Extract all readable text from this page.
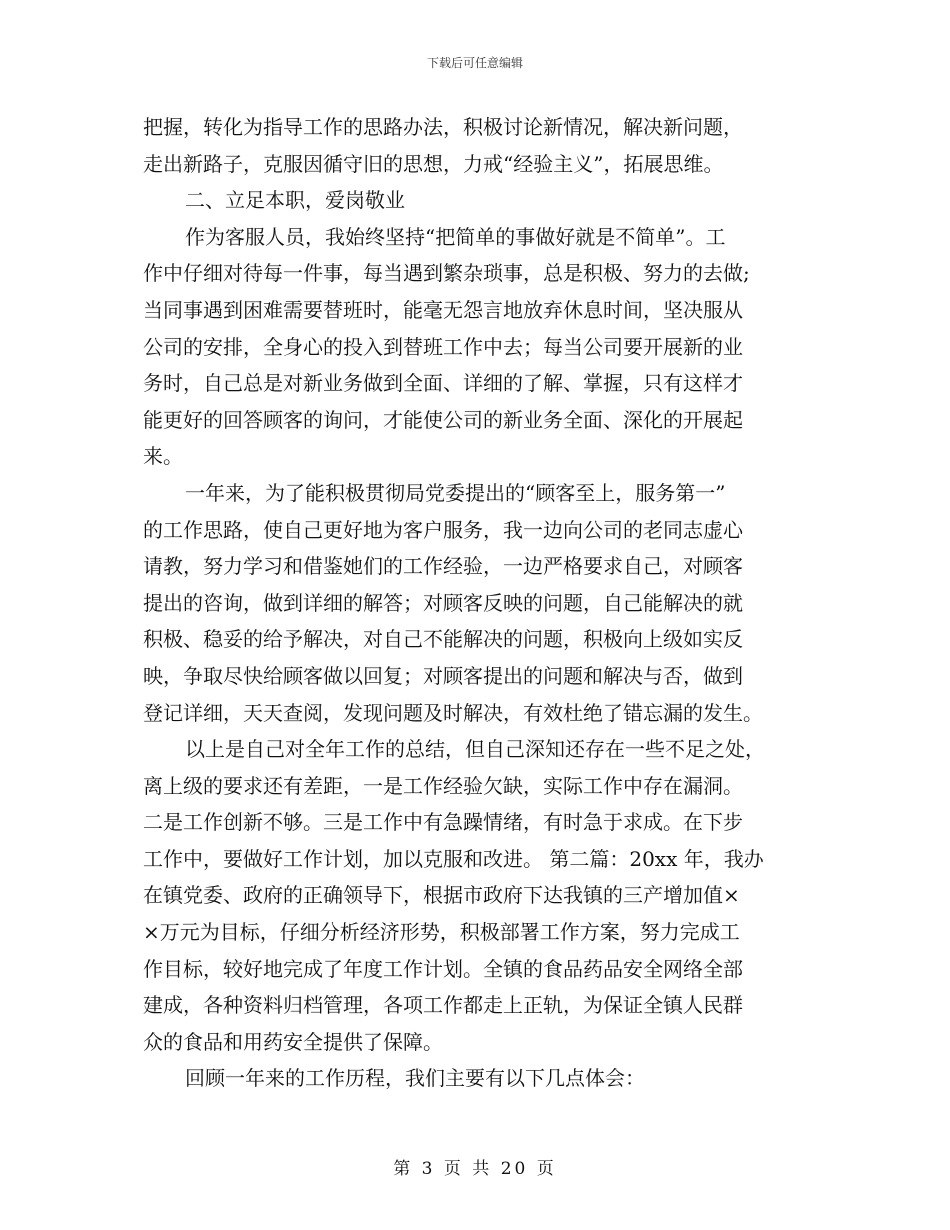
下载后可任意编辑
把握，转化为指导工作的思路办法，积极讨论新情况，解决新问题，
走出新路子，克服因循守旧的思想，力戒“经验主义”，拓展思维。
二、立足本职，爱岗敬业
作为客服人员，我始终坚持“把简单的事做好就是不简单”。工
作中仔细对待每一件事，每当遇到繁杂琐事，总是积极、努力的去做;
当同事遇到困难需要替班时，能毫无怨言地放弃休息时间，坚决服从
公司的安排，全身心的投入到替班工作中去；每当公司要开展新的业
务时，自己总是对新业务做到全面、详细的了解、掌握，只有这样才
能更好的回答顾客的询问，才能使公司的新业务全面、深化的开展起
来。
一年来，为了能积极贯彻局党委提出的“顾客至上，服务第一”
的工作思路，使自己更好地为客户服务，我一边向公司的老同志虚心
请教，努力学习和借鉴她们的工作经验，一边严格要求自己，对顾客
提出的咨询，做到详细的解答；对顾客反映的问题，自己能解决的就
积极、稳妥的给予解决，对自己不能解决的问题，积极向上级如实反
映，争取尽快给顾客做以回复；对顾客提出的问题和解决与否，做到
登记详细，天天查阅，发现问题及时解决，有效杜绝了错忘漏的发生。
以上是自己对全年工作的总结，但自己深知还存在一些不足之处，
离上级的要求还有差距，一是工作经验欠缺，实际工作中存在漏洞。
二是工作创新不够。三是工作中有急躁情绪，有时急于求成。在下步
工作中，要做好工作计划，加以克服和改进。 第二篇：20xx 年，我办
在镇党委、政府的正确领导下，根据市政府下达我镇的三产增加值×
×万元为目标，仔细分析经济形势，积极部署工作方案，努力完成工
作目标，较好地完成了年度工作计划。全镇的食品药品安全网络全部
建成，各种资料归档管理，各项工作都走上正轨，为保证全镇人民群
众的食品和用药安全提供了保障。
回顾一年来的工作历程，我们主要有以下几点体会：
第 3 页 共 20 页
